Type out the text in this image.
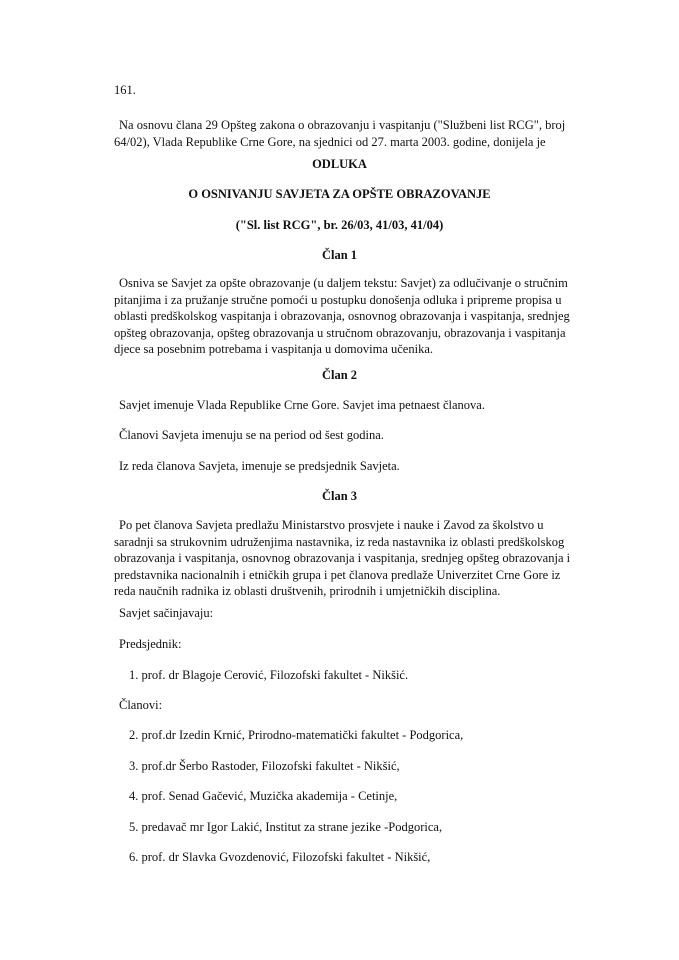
161.

Na osnovu člana 29 Opšteg zakona o obrazovanju i vaspitanju ("Službeni list RCG", broj 64/02), Vlada Republike Crne Gore, na sjednici od 27. marta 2003. godine, donijela je

ODLUKA

O OSNIVANJU SAVJETA ZA OPŠTE OBRAZOVANJE

("Sl. list RCG", br. 26/03, 41/03, 41/04)

Član 1

Osniva se Savjet za opšte obrazovanje (u daljem tekstu: Savjet) za odlučivanje o stručnim pitanjima i za pružanje stručne pomoći u postupku donošenja odluka i pripreme propisa u oblasti predškolskog vaspitanja i obrazovanja, osnovnog obrazovanja i vaspitanja, srednjeg opšteg obrazovanja, opšteg obrazovanja u stručnom obrazovanju, obrazovanja i vaspitanja djece sa posebnim potrebama i vaspitanja u domovima učenika.

Član 2

Savjet imenuje Vlada Republike Crne Gore. Savjet ima petnaest članova.

Članovi Savjeta imenuju se na period od šest godina.

Iz reda članova Savjeta, imenuje se predsjednik Savjeta.

Član 3

Po pet članova Savjeta predlažu Ministarstvo prosvjete i nauke i Zavod za školstvo u saradnji sa strukovnim udruženjima nastavnika, iz reda nastavnika iz oblasti predškolskog obrazovanja i vaspitanja, osnovnog obrazovanja i vaspitanja, srednjeg opšteg obrazovanja i predstavnika nacionalnih i etničkih grupa i pet članova predlaže Univerzitet Crne Gore iz reda naučnih radnika iz oblasti društvenih, prirodnih i umjetničkih disciplina.

Savjet sačinjavaju:

Predsjednik:

1. prof. dr Blagoje Cerović, Filozofski fakultet - Nikšić.

Članovi:

2. prof.dr Izedin Krnić, Prirodno-matematički fakultet - Podgorica,

3. prof.dr Šerbo Rastoder, Filozofski fakultet - Nikšić,

4. prof. Senad Gačević, Muzička akademija - Cetinje,

5. predavač mr Igor Lakić, Institut za strane jezike -Podgorica,

6. prof. dr Slavka Gvozdenović, Filozofski fakultet - Nikšić,
